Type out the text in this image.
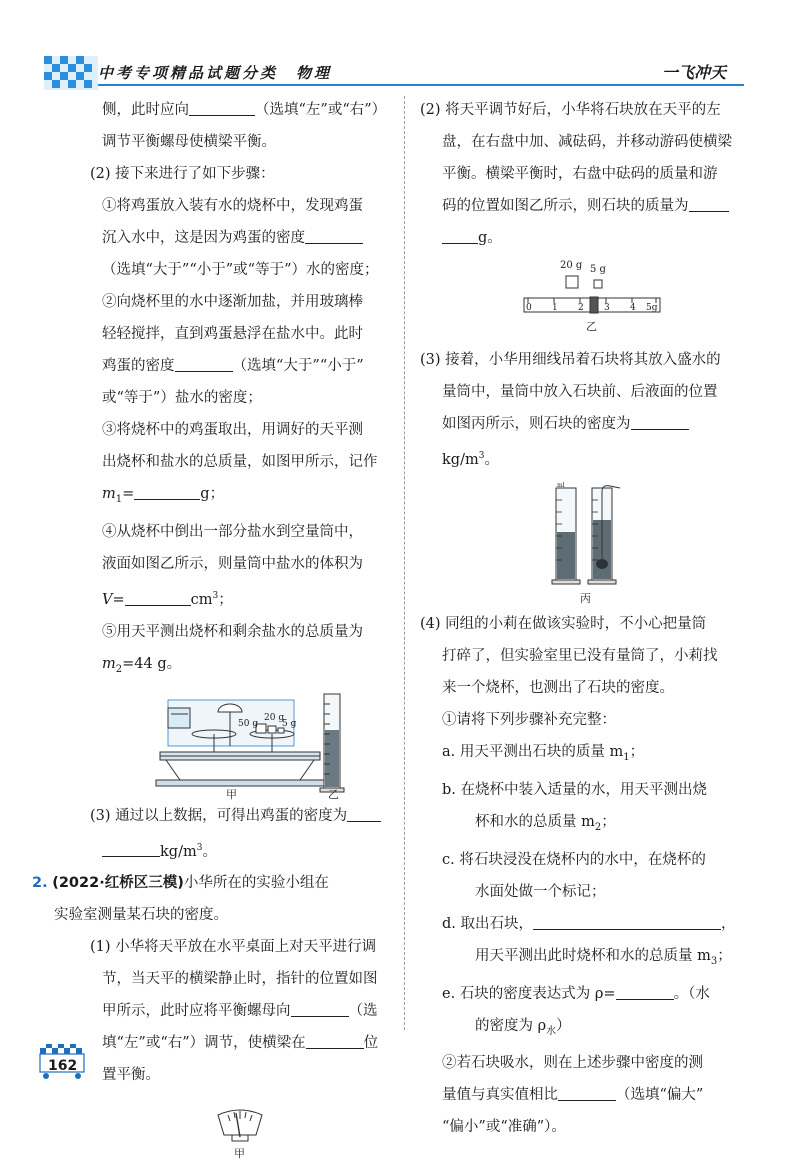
中考专项精品试题分类 物理	一飞冲天

侧，此时应向	（选填“左”或“右”）

调节平衡螺母使横梁平衡。

(2) 接下来进行了如下步骤：

①将鸡蛋放入装有水的烧杯中，发现鸡蛋

沉入水中，这是因为鸡蛋的密度

（选填“大于”“小于”或“等于”）水的密度；

②向烧杯里的水中逐渐加盐，并用玻璃棒

轻轻搅拌，直到鸡蛋悬浮在盐水中。此时

鸡蛋的密度	（选填“大于”“小于”

或“等于”）盐水的密度；

③将烧杯中的鸡蛋取出，用调好的天平测

出烧杯和盐水的总质量，如图甲所示，记作

$m_1=$	g；

④从烧杯中倒出一部分盐水到空量筒中，

液面如图乙所示，则量筒中盐水的体积为

V=	$cm^3$；

⑤用天平测出烧杯和剩余盐水的总质量为

$m_2=44$ g。

50 g
20 g
5 g
甲	乙

(3) 通过以上数据，可得出鸡蛋的密度为

$kg/m^3$。

2. (2022·红桥区三模)小华所在的实验小组在

实验室测量某石块的密度。

(1) 小华将天平放在水平桌面上对天平进行调

节，当天平的横梁静止时，指针的位置如图

甲所示，此时应将平衡螺母向	（选

填“左”或“右”）调节，使横梁在	位

置平衡。

甲

(2) 将天平调节好后，小华将石块放在天平的左

盘，在右盘中加、减砝码，并移动游码使横梁

平衡。横梁平衡时，右盘中砝码的质量和游

码的位置如图乙所示，则石块的质量为

g。

20 g 5 g
0 1 2 3 4 5g
乙

(3) 接着，小华用细线吊着石块将其放入盛水的

量筒中，量筒中放入石块前、后液面的位置

如图丙所示，则石块的密度为

$kg/m^3$。

ml
丙

(4) 同组的小莉在做该实验时，不小心把量筒

打碎了，但实验室里已没有量筒了，小莉找

来一个烧杯，也测出了石块的密度。

①请将下列步骤补充完整：

a. 用天平测出石块的质量 $m_1$；

b. 在烧杯中装入适量的水，用天平测出烧

杯和水的总质量 $m_2$；

c. 将石块浸没在烧杯内的水中，在烧杯的

水面处做一个标记；

d. 取出石块，	，

用天平测出此时烧杯和水的总质量 $m_3$；

e. 石块的密度表达式为 ρ=	。（水

的密度为 $\rho_水$）

②若石块吸水，则在上述步骤中密度的测

量值与真实值相比	（选填“偏大”

“偏小”或“准确”）。

162
